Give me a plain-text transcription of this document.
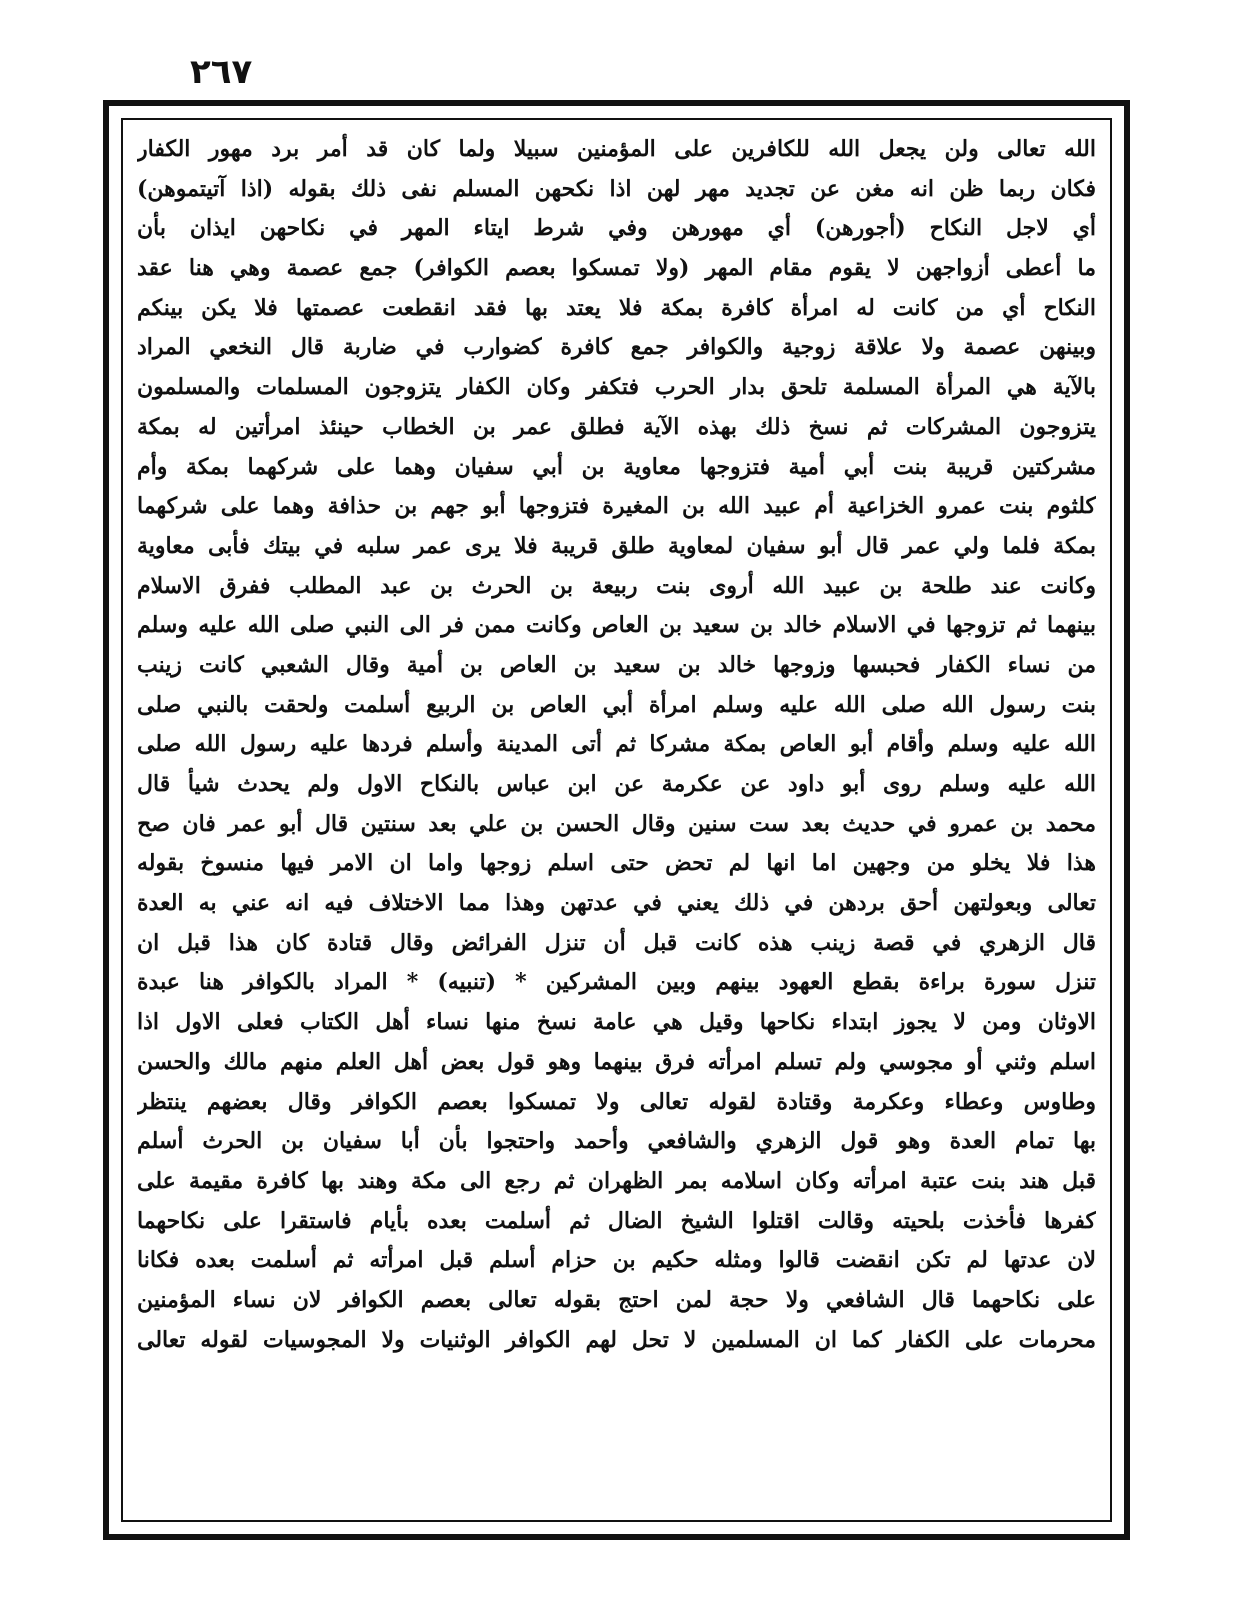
٢٦٧
الله تعالى ولن يجعل الله للكافرين على المؤمنين سبيلا ولما كان قد أمر برد مهور الكفار
فكان ربما ظن انه مغن عن تجديد مهر لهن اذا نكحهن المسلم نفى ذلك بقوله (اذا آتيتموهن)
أي لاجل النكاح (أجورهن) أي مهورهن وفي شرط ايتاء المهر في نكاحهن ايذان بأن
ما أعطى أزواجهن لا يقوم مقام المهر (ولا تمسكوا بعصم الكوافر) جمع عصمة وهي هنا عقد
النكاح أي من كانت له امرأة كافرة بمكة فلا يعتد بها فقد انقطعت عصمتها فلا يكن بينكم
وبينهن عصمة ولا علاقة زوجية والكوافر جمع كافرة كضوارب في ضاربة قال النخعي المراد
بالآية هي المرأة المسلمة تلحق بدار الحرب فتكفر وكان الكفار يتزوجون المسلمات والمسلمون
يتزوجون المشركات ثم نسخ ذلك بهذه الآية فطلق عمر بن الخطاب حينئذ امرأتين له بمكة
مشركتين قريبة بنت أبي أمية فتزوجها معاوية بن أبي سفيان وهما على شركهما بمكة وأم
كلثوم بنت عمرو الخزاعية أم عبيد الله بن المغيرة فتزوجها أبو جهم بن حذافة وهما على شركهما
بمكة فلما ولي عمر قال أبو سفيان لمعاوية طلق قريبة فلا يرى عمر سلبه في بيتك فأبى معاوية
وكانت عند طلحة بن عبيد الله أروى بنت ربيعة بن الحرث بن عبد المطلب ففرق الاسلام
بينهما ثم تزوجها في الاسلام خالد بن سعيد بن العاص وكانت ممن فر الى النبي صلى الله عليه وسلم
من نساء الكفار فحبسها وزوجها خالد بن سعيد بن العاص بن أمية وقال الشعبي كانت زينب
بنت رسول الله صلى الله عليه وسلم امرأة أبي العاص بن الربيع أسلمت ولحقت بالنبي صلى
الله عليه وسلم وأقام أبو العاص بمكة مشركا ثم أتى المدينة وأسلم فردها عليه رسول الله صلى
الله عليه وسلم روى أبو داود عن عكرمة عن ابن عباس بالنكاح الاول ولم يحدث شيأ قال
محمد بن عمرو في حديث بعد ست سنين وقال الحسن بن علي بعد سنتين قال أبو عمر فان صح
هذا فلا يخلو من وجهين اما انها لم تحض حتى اسلم زوجها واما ان الامر فيها منسوخ بقوله
تعالى وبعولتهن أحق بردهن في ذلك يعني في عدتهن وهذا مما الاختلاف فيه انه عني به العدة
قال الزهري في قصة زينب هذه كانت قبل أن تنزل الفرائض وقال قتادة كان هذا قبل ان
تنزل سورة براءة بقطع العهود بينهم وبين المشركين * (تنبيه) * المراد بالكوافر هنا عبدة
الاوثان ومن لا يجوز ابتداء نكاحها وقيل هي عامة نسخ منها نساء أهل الكتاب فعلى الاول اذا
اسلم وثني أو مجوسي ولم تسلم امرأته فرق بينهما وهو قول بعض أهل العلم منهم مالك والحسن
وطاوس وعطاء وعكرمة وقتادة لقوله تعالى ولا تمسكوا بعصم الكوافر وقال بعضهم ينتظر
بها تمام العدة وهو قول الزهري والشافعي وأحمد واحتجوا بأن أبا سفيان بن الحرث أسلم
قبل هند بنت عتبة امرأته وكان اسلامه بمر الظهران ثم رجع الى مكة وهند بها كافرة مقيمة على
كفرها فأخذت بلحيته وقالت اقتلوا الشيخ الضال ثم أسلمت بعده بأيام فاستقرا على نكاحهما
لان عدتها لم تكن انقضت قالوا ومثله حكيم بن حزام أسلم قبل امرأته ثم أسلمت بعده فكانا
على نكاحهما قال الشافعي ولا حجة لمن احتج بقوله تعالى بعصم الكوافر لان نساء المؤمنين
محرمات على الكفار كما ان المسلمين لا تحل لهم الكوافر الوثنيات ولا المجوسيات لقوله تعالى
